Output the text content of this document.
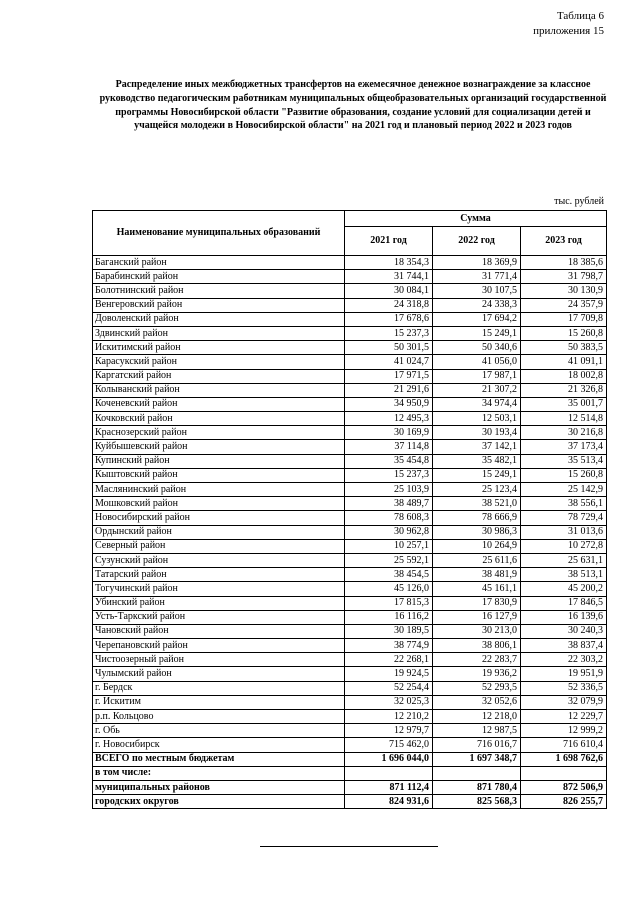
Таблица 6
приложения 15
Распределение иных межбюджетных трансфертов на ежемесячное денежное вознаграждение за классное руководство педагогическим работникам муниципальных общеобразовательных организаций государственной программы Новосибирской области "Развитие образования, создание условий для социализации детей и учащейся молодежи в Новосибирской области" на 2021 год и плановый период 2022 и 2023 годов
тыс. рублей
Наименование муниципальных образований	Сумма		
	2021 год	2022 год	2023 год
Баганский район	18 354,3	18 369,9	18 385,6
Барабинский район	31 744,1	31 771,4	31 798,7
Болотнинский район	30 084,1	30 107,5	30 130,9
Венгеровский район	24 318,8	24 338,3	24 357,9
Доволенский район	17 678,6	17 694,2	17 709,8
Здвинский район	15 237,3	15 249,1	15 260,8
Искитимский район	50 301,5	50 340,6	50 383,5
Карасукский район	41 024,7	41 056,0	41 091,1
Каргатский район	17 971,5	17 987,1	18 002,8
Колыванский район	21 291,6	21 307,2	21 326,8
Коченевский район	34 950,9	34 974,4	35 001,7
Кочковский район	12 495,3	12 503,1	12 514,8
Краснозерский район	30 169,9	30 193,4	30 216,8
Куйбышевский район	37 114,8	37 142,1	37 173,4
Купинский район	35 454,8	35 482,1	35 513,4
Кыштовский район	15 237,3	15 249,1	15 260,8
Маслянинский район	25 103,9	25 123,4	25 142,9
Мошковский район	38 489,7	38 521,0	38 556,1
Новосибирский район	78 608,3	78 666,9	78 729,4
Ордынский район	30 962,8	30 986,3	31 013,6
Северный район	10 257,1	10 264,9	10 272,8
Сузунский район	25 592,1	25 611,6	25 631,1
Татарский район	38 454,5	38 481,9	38 513,1
Тогучинский район	45 126,0	45 161,1	45 200,2
Убинский район	17 815,3	17 830,9	17 846,5
Усть-Таркский район	16 116,2	16 127,9	16 139,6
Чановский район	30 189,5	30 213,0	30 240,3
Черепановский район	38 774,9	38 806,1	38 837,4
Чистоозерный район	22 268,1	22 283,7	22 303,2
Чулымский район	19 924,5	19 936,2	19 951,9
г. Бердск	52 254,4	52 293,5	52 336,5
г. Искитим	32 025,3	32 052,6	32 079,9
р.п. Кольцово	12 210,2	12 218,0	12 229,7
г. Обь	12 979,7	12 987,5	12 999,2
г. Новосибирск	715 462,0	716 016,7	716 610,4
ВСЕГО по местным бюджетам	1 696 044,0	1 697 348,7	1 698 762,6
в том числе:			
муниципальных районов	871 112,4	871 780,4	872 506,9
городских округов	824 931,6	825 568,3	826 255,7
